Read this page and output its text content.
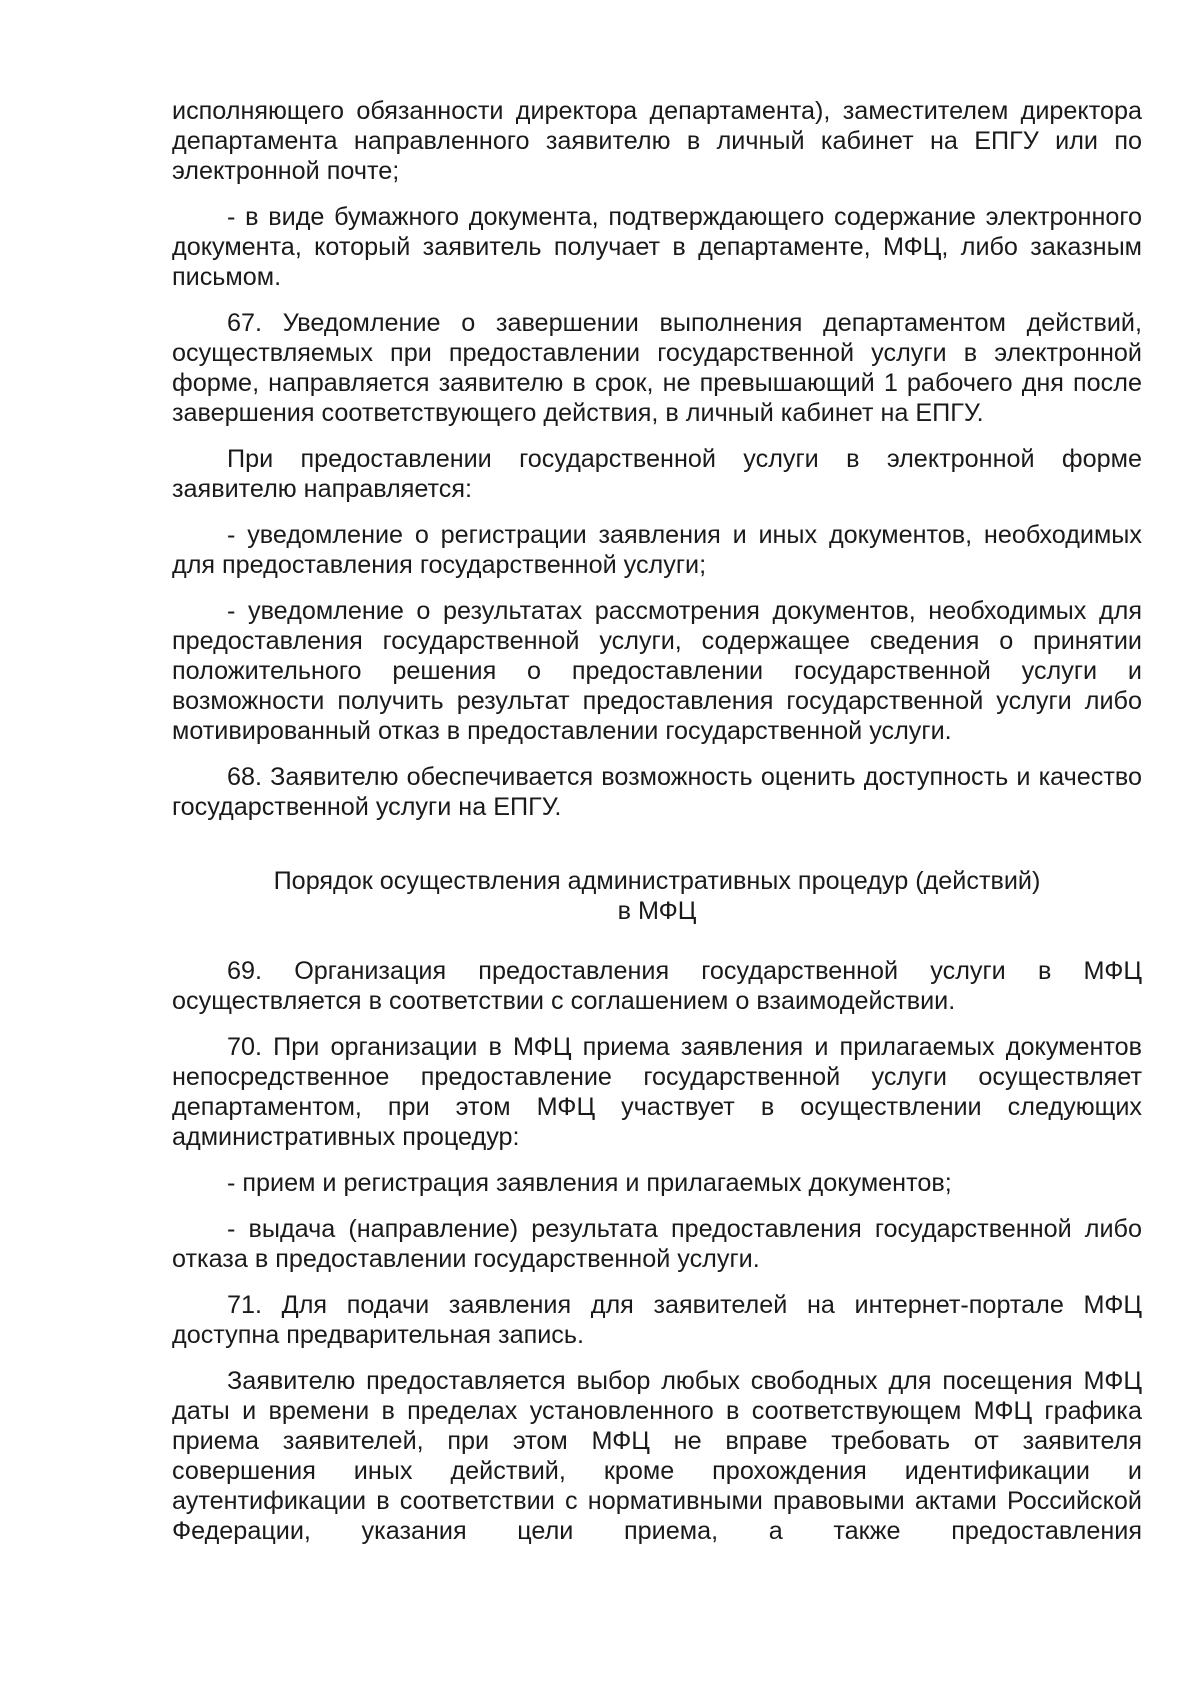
исполняющего обязанности директора департамента), заместителем директора департамента направленного заявителю в личный кабинет на ЕПГУ или по электронной почте;

- в виде бумажного документа, подтверждающего содержание электронного документа, который заявитель получает в департаменте, МФЦ, либо заказным письмом.

67. Уведомление о завершении выполнения департаментом действий, осуществляемых при предоставлении государственной услуги в электронной форме, направляется заявителю в срок, не превышающий 1 рабочего дня после завершения соответствующего действия, в личный кабинет на ЕПГУ.

При предоставлении государственной услуги в электронной форме заявителю направляется:

- уведомление о регистрации заявления и иных документов, необходимых для предоставления государственной услуги;

- уведомление о результатах рассмотрения документов, необходимых для предоставления государственной услуги, содержащее сведения о принятии положительного решения о предоставлении государственной услуги и возможности получить результат предоставления государственной услуги либо мотивированный отказ в предоставлении государственной услуги.

68. Заявителю обеспечивается возможность оценить доступность и качество государственной услуги на ЕПГУ.

Порядок осуществления административных процедур (действий)
в МФЦ

69. Организация предоставления государственной услуги в МФЦ осуществляется в соответствии с соглашением о взаимодействии.

70. При организации в МФЦ приема заявления и прилагаемых документов непосредственное предоставление государственной услуги осуществляет департаментом, при этом МФЦ участвует в осуществлении следующих административных процедур:

- прием и регистрация заявления и прилагаемых документов;

- выдача (направление) результата предоставления государственной либо отказа в предоставлении государственной услуги.

71. Для подачи заявления для заявителей на интернет-портале МФЦ доступна предварительная запись.

Заявителю предоставляется выбор любых свободных для посещения МФЦ даты и времени в пределах установленного в соответствующем МФЦ графика приема заявителей, при этом МФЦ не вправе требовать от заявителя совершения иных действий, кроме прохождения идентификации и аутентификации в соответствии с нормативными правовыми актами Российской Федерации, указания цели приема, а также предоставления
